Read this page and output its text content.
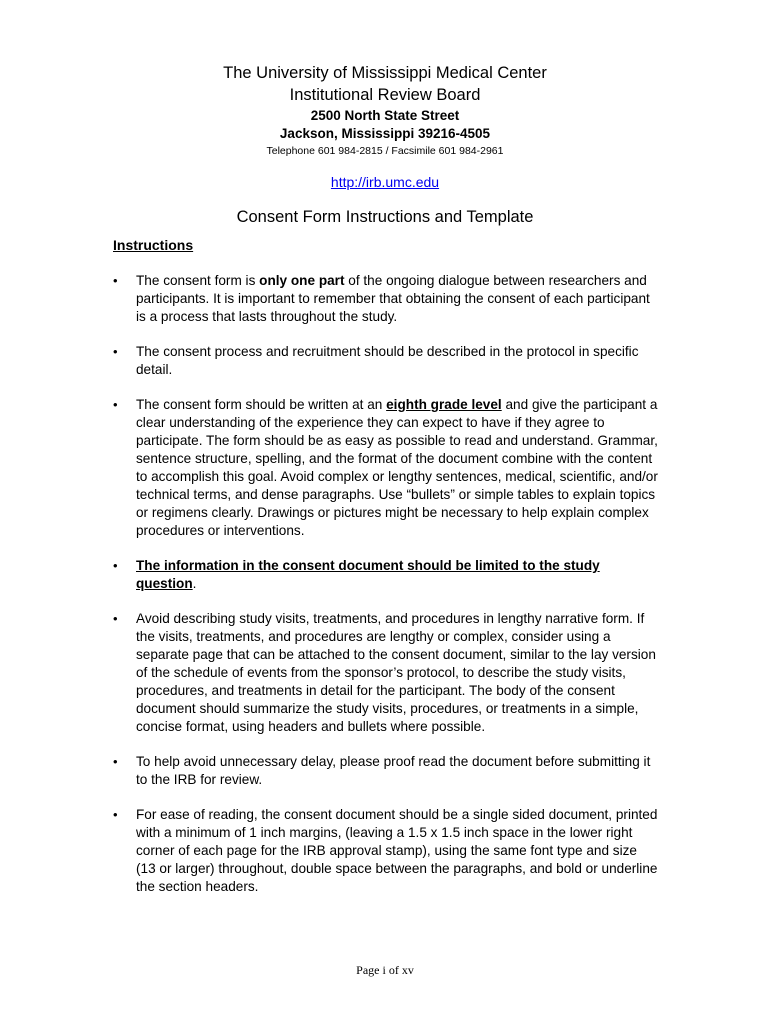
The University of Mississippi Medical Center
Institutional Review Board
2500 North State Street
Jackson, Mississippi 39216-4505
Telephone 601 984-2815 / Facsimile 601 984-2961
http://irb.umc.edu
Consent Form Instructions and Template
Instructions
• The consent form is only one part of the ongoing dialogue between researchers and participants. It is important to remember that obtaining the consent of each participant is a process that lasts throughout the study.
• The consent process and recruitment should be described in the protocol in specific detail.
• The consent form should be written at an eighth grade level and give the participant a clear understanding of the experience they can expect to have if they agree to participate. The form should be as easy as possible to read and understand. Grammar, sentence structure, spelling, and the format of the document combine with the content to accomplish this goal. Avoid complex or lengthy sentences, medical, scientific, and/or technical terms, and dense paragraphs. Use “bullets” or simple tables to explain topics or regimens clearly. Drawings or pictures might be necessary to help explain complex procedures or interventions.
• The information in the consent document should be limited to the study question.
• Avoid describing study visits, treatments, and procedures in lengthy narrative form. If the visits, treatments, and procedures are lengthy or complex, consider using a separate page that can be attached to the consent document, similar to the lay version of the schedule of events from the sponsor’s protocol, to describe the study visits, procedures, and treatments in detail for the participant. The body of the consent document should summarize the study visits, procedures, or treatments in a simple, concise format, using headers and bullets where possible.
• To help avoid unnecessary delay, please proof read the document before submitting it to the IRB for review.
• For ease of reading, the consent document should be a single sided document, printed with a minimum of 1 inch margins, (leaving a 1.5 x 1.5 inch space in the lower right corner of each page for the IRB approval stamp), using the same font type and size (13 or larger) throughout, double space between the paragraphs, and bold or underline the section headers.
Page i of xv
